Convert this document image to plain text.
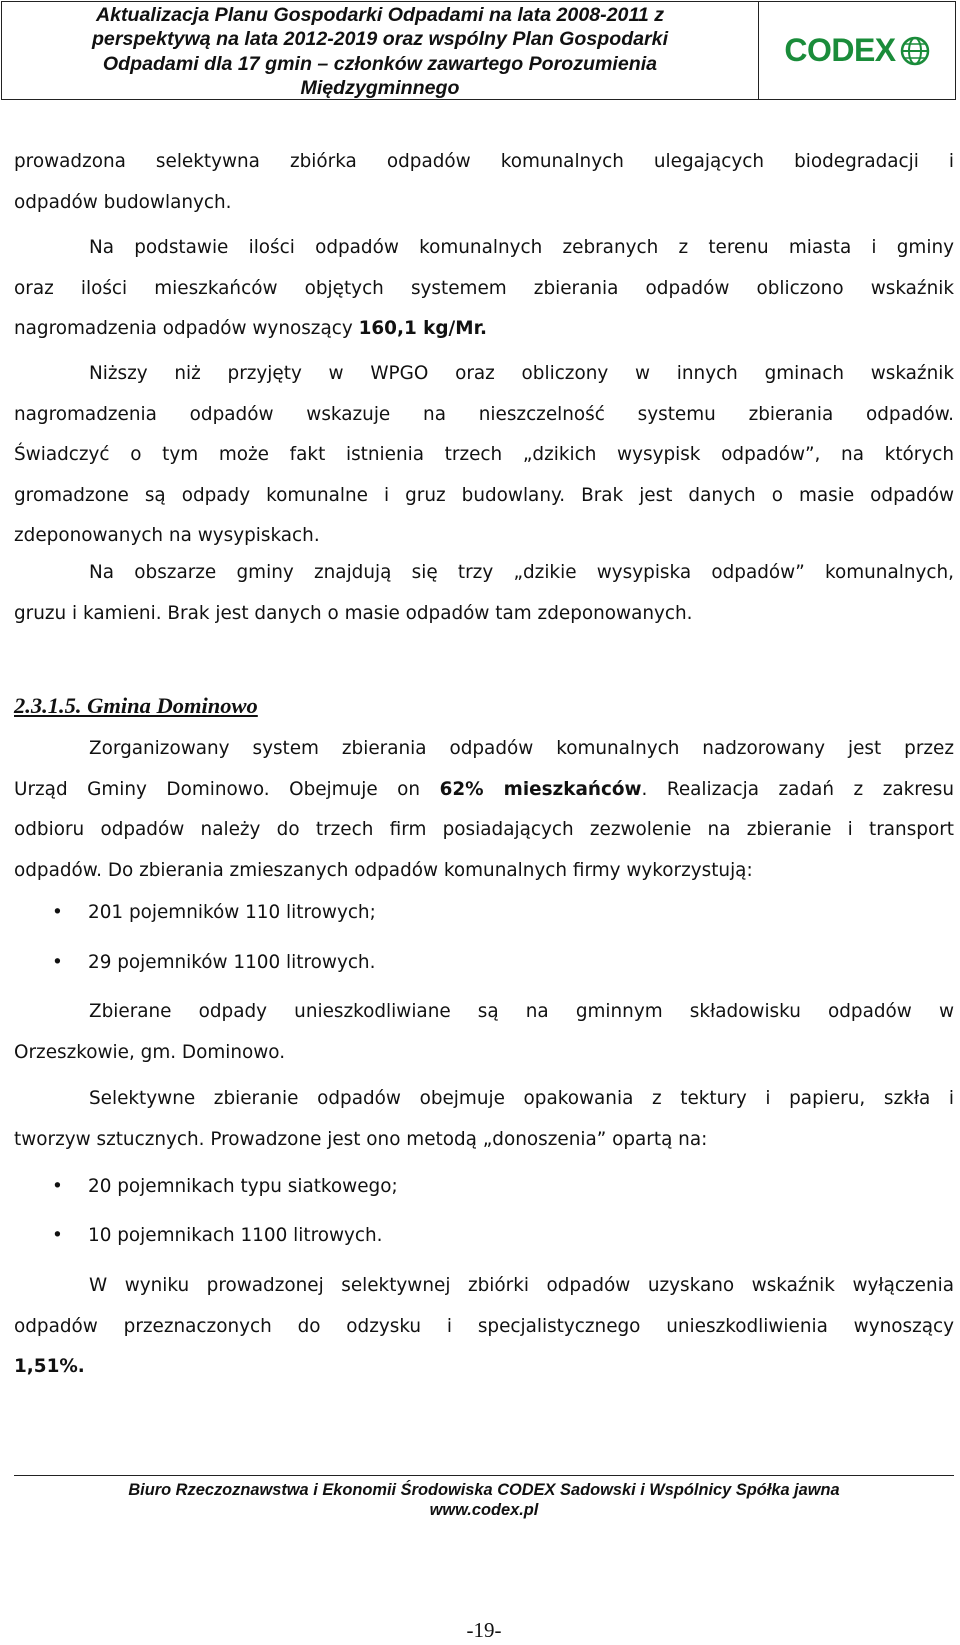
Aktualizacja Planu Gospodarki Odpadami na lata 2008-2011 z
perspektywą na lata 2012-2019 oraz wspólny Plan Gospodarki
Odpadami dla 17 gmin – członków zawartego Porozumienia
Międzygminnego
CODEX
prowadzona selektywna zbiórka odpadów komunalnych ulegających biodegradacji i
odpadów budowlanych.
Na podstawie ilości odpadów komunalnych zebranych z terenu miasta i gminy
oraz ilości mieszkańców objętych systemem zbierania odpadów obliczono wskaźnik
nagromadzenia odpadów wynoszący 160,1 kg/Mr.
Niższy niż przyjęty w WPGO oraz obliczony w innych gminach wskaźnik
nagromadzenia odpadów wskazuje na nieszczelność systemu zbierania odpadów.
Świadczyć o tym może fakt istnienia trzech „dzikich wysypisk odpadów”, na których
gromadzone są odpady komunalne i gruz budowlany. Brak jest danych o masie odpadów
zdeponowanych na wysypiskach.
Na obszarze gminy znajdują się trzy „dzikie wysypiska odpadów” komunalnych,
gruzu i kamieni. Brak jest danych o masie odpadów tam zdeponowanych.
2.3.1.5. Gmina Dominowo
Zorganizowany system zbierania odpadów komunalnych nadzorowany jest przez
Urząd Gminy Dominowo. Obejmuje on 62% mieszkańców. Realizacja zadań z zakresu
odbioru odpadów należy do trzech firm posiadających zezwolenie na zbieranie i transport
odpadów. Do zbierania zmieszanych odpadów komunalnych firmy wykorzystują:
• 201 pojemników 110 litrowych;
• 29 pojemników 1100 litrowych.
Zbierane odpady unieszkodliwiane są na gminnym składowisku odpadów w
Orzeszkowie, gm. Dominowo.
Selektywne zbieranie odpadów obejmuje opakowania z tektury i papieru, szkła i
tworzyw sztucznych. Prowadzone jest ono metodą „donoszenia” opartą na:
• 20 pojemnikach typu siatkowego;
• 10 pojemnikach 1100 litrowych.
W wyniku prowadzonej selektywnej zbiórki odpadów uzyskano wskaźnik wyłączenia
odpadów przeznaczonych do odzysku i specjalistycznego unieszkodliwienia wynoszący
1,51%.
Biuro Rzeczoznawstwa i Ekonomii Środowiska CODEX Sadowski i Wspólnicy Spółka jawna
www.codex.pl
-19-
